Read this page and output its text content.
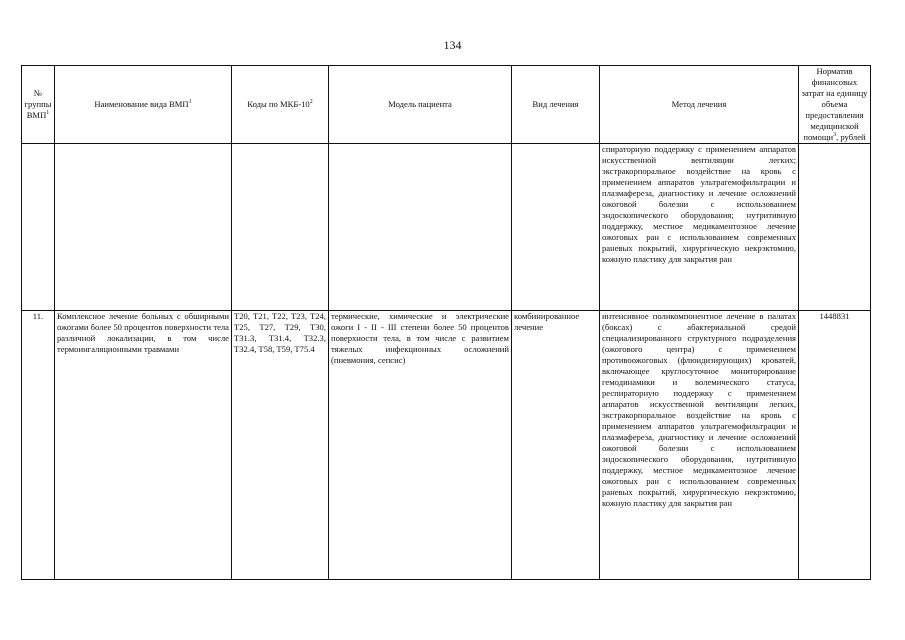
134
№ группы ВМП$^1$	Наименование вида ВМП$^1$	Коды по МКБ-$10^2$	Модель пациента	Вид лечения	Метод лечения	Норматив финансовых затрат на единицу объема предоставления медицинской помощи$^3$, рублей
					спираторную поддержку с применением аппаратов искусственной вентиляции легких; экстракорпоральное воздействие на кровь с применением аппаратов ультрагемофильтрации и плазмафереза, диагностику и лечение осложнений ожоговой болезни с использованием эндоскопического оборудования; нутритивную поддержку, местное медикаментозное лечение ожоговых ран с использованием современных раневых покрытий, хирургическую некрэктомию, кожную пластику для закрытия ран	
11.	Комплексное лечение больных с обширными ожогами более 50 процентов поверхности тела различной локализации, в том числе термоингаляционными травмами	T20, T21, T22, T23, T24, T25, T27, T29, T30, T31.3, T31.4, T32.3, T32.4, T58, T59, T75.4	термические, химические и электрические ожоги I - II - III степени более 50 процентов поверхности тела, в том числе с развитием тяжелых инфекционных осложнений (пневмония, сепсис)	комбинированное лечение	интенсивное поликомпонентное лечение в палатах (боксах) с абактериальной средой специализированного структурного подразделения (ожогового центра) с применением противоожоговых (флюидизирующих) кроватей, включающее круглосуточное мониторирование гемодинамики и волемического статуса, респираторную поддержку с применением аппаратов искусственной вентиляции легких, экстракорпоральное воздействие на кровь с применением аппаратов ультрагемофильтрации и плазмафереза, диагностику и лечение осложнений ожоговой болезни с использованием эндоскопического оборудования, нутритивную поддержку, местное медикаментозное лечение ожоговых ран с использованием современных раневых покрытий, хирургическую некрэктомию, кожную пластику для закрытия ран	1448831
